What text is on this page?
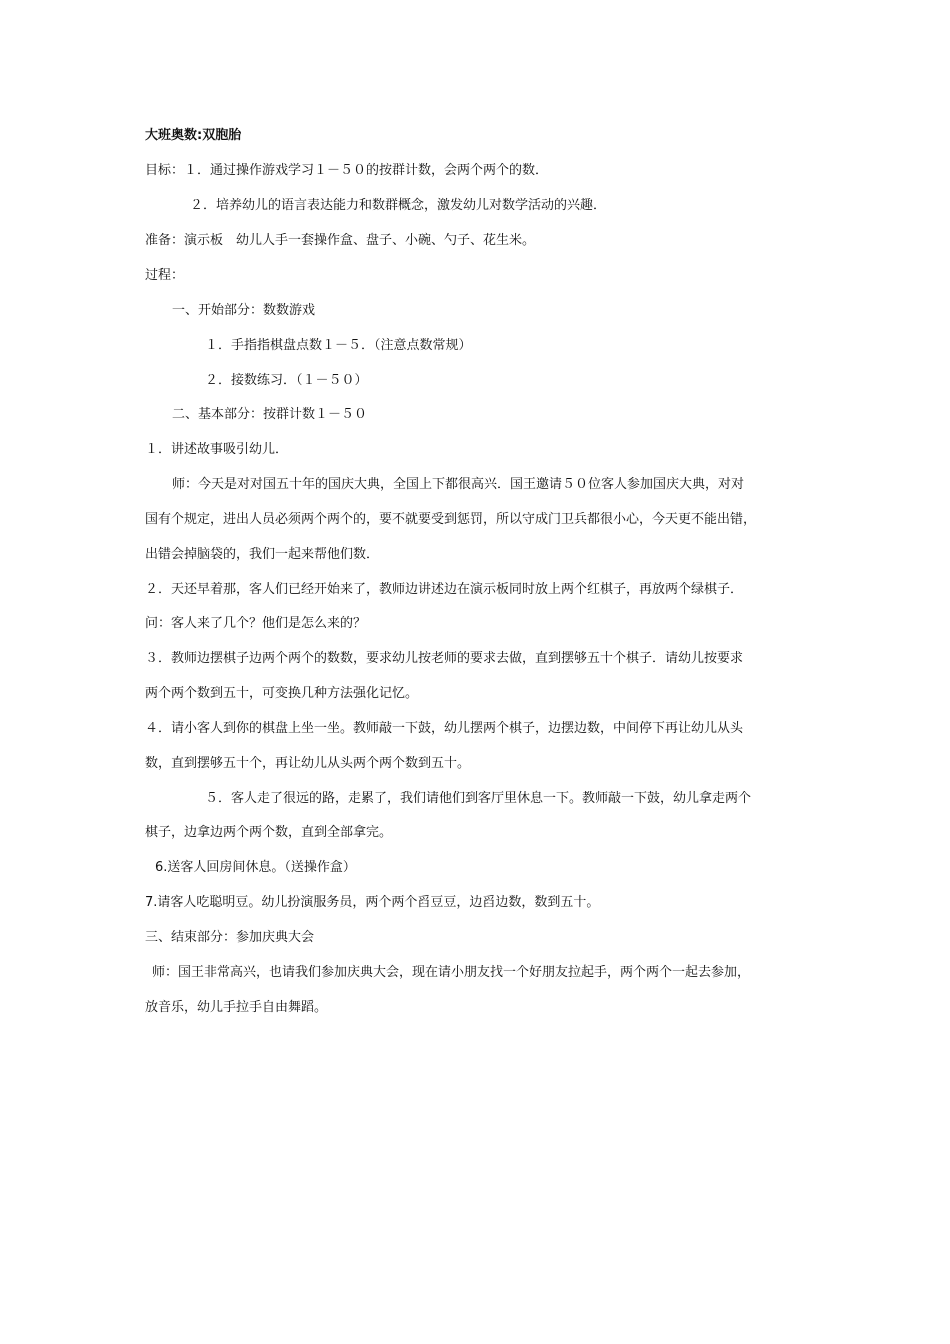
大班奥数:双胞胎
目标：１．通过操作游戏学习１－５０的按群计数，会两个两个的数．
２．培养幼儿的语言表达能力和数群概念，激发幼儿对数学活动的兴趣．
准备：演示板　幼儿人手一套操作盒、盘子、小碗、勺子、花生米。
过程：
一、开始部分：数数游戏
１．手指指棋盘点数１－５．（注意点数常规）
２．接数练习．（１－５０）
二、基本部分：按群计数１－５０
１．讲述故事吸引幼儿．
师：今天是对对国五十年的国庆大典，全国上下都很高兴．国王邀请５０位客人参加国庆大典，对对
国有个规定，进出人员必须两个两个的，要不就要受到惩罚，所以守成门卫兵都很小心，今天更不能出错，
出错会掉脑袋的，我们一起来帮他们数．
２．天还早着那，客人们已经开始来了，教师边讲述边在演示板同时放上两个红棋子，再放两个绿棋子．
问：客人来了几个？他们是怎么来的？
３．教师边摆棋子边两个两个的数数，要求幼儿按老师的要求去做，直到摆够五十个棋子．请幼儿按要求
两个两个数到五十，可变换几种方法强化记忆。
４．请小客人到你的棋盘上坐一坐。教师敲一下鼓，幼儿摆两个棋子，边摆边数，中间停下再让幼儿从头
数，直到摆够五十个，再让幼儿从头两个两个数到五十。
５．客人走了很远的路，走累了，我们请他们到客厅里休息一下。教师敲一下鼓，幼儿拿走两个
棋子，边拿边两个两个数，直到全部拿完。
6.送客人回房间休息。（送操作盒）
7.请客人吃聪明豆。幼儿扮演服务员，两个两个舀豆豆，边舀边数，数到五十。
三、结束部分：参加庆典大会
师：国王非常高兴，也请我们参加庆典大会，现在请小朋友找一个好朋友拉起手，两个两个一起去参加，
放音乐，幼儿手拉手自由舞蹈。
